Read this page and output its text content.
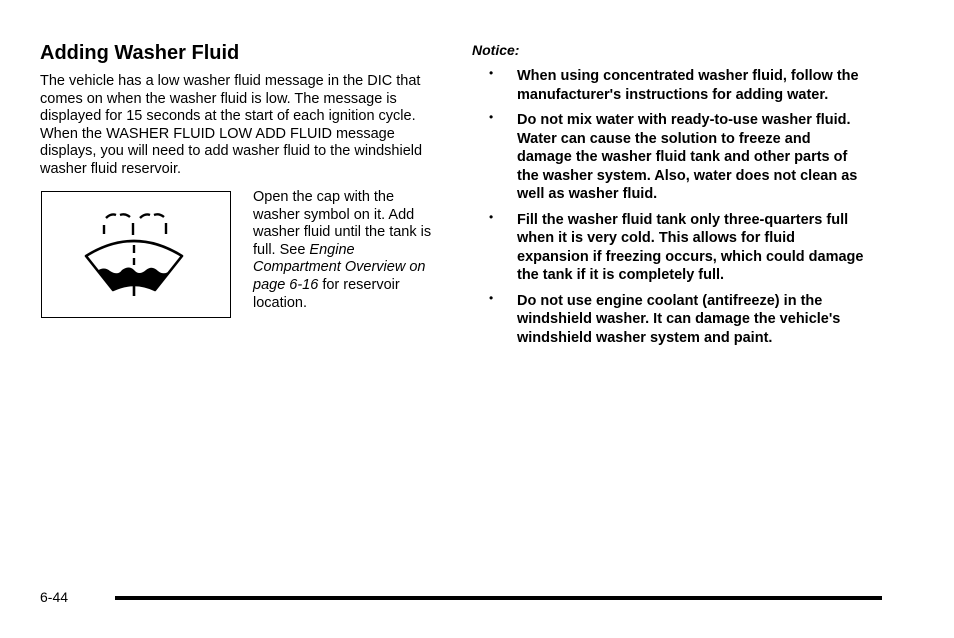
Adding Washer Fluid

The vehicle has a low washer fluid message in the DIC that comes on when the washer fluid is low. The message is displayed for 15 seconds at the start of each ignition cycle. When the WASHER FLUID LOW ADD FLUID message displays, you will need to add washer fluid to the windshield washer fluid reservoir.

Open the cap with the washer symbol on it. Add washer fluid until the tank is full. See Engine Compartment Overview on page 6-16 for reservoir location.

Notice:

• When using concentrated washer fluid, follow the manufacturer's instructions for adding water.
• Do not mix water with ready-to-use washer fluid. Water can cause the solution to freeze and damage the washer fluid tank and other parts of the washer system. Also, water does not clean as well as washer fluid.
• Fill the washer fluid tank only three-quarters full when it is very cold. This allows for fluid expansion if freezing occurs, which could damage the tank if it is completely full.
• Do not use engine coolant (antifreeze) in the windshield washer. It can damage the vehicle's windshield washer system and paint.

6-44
